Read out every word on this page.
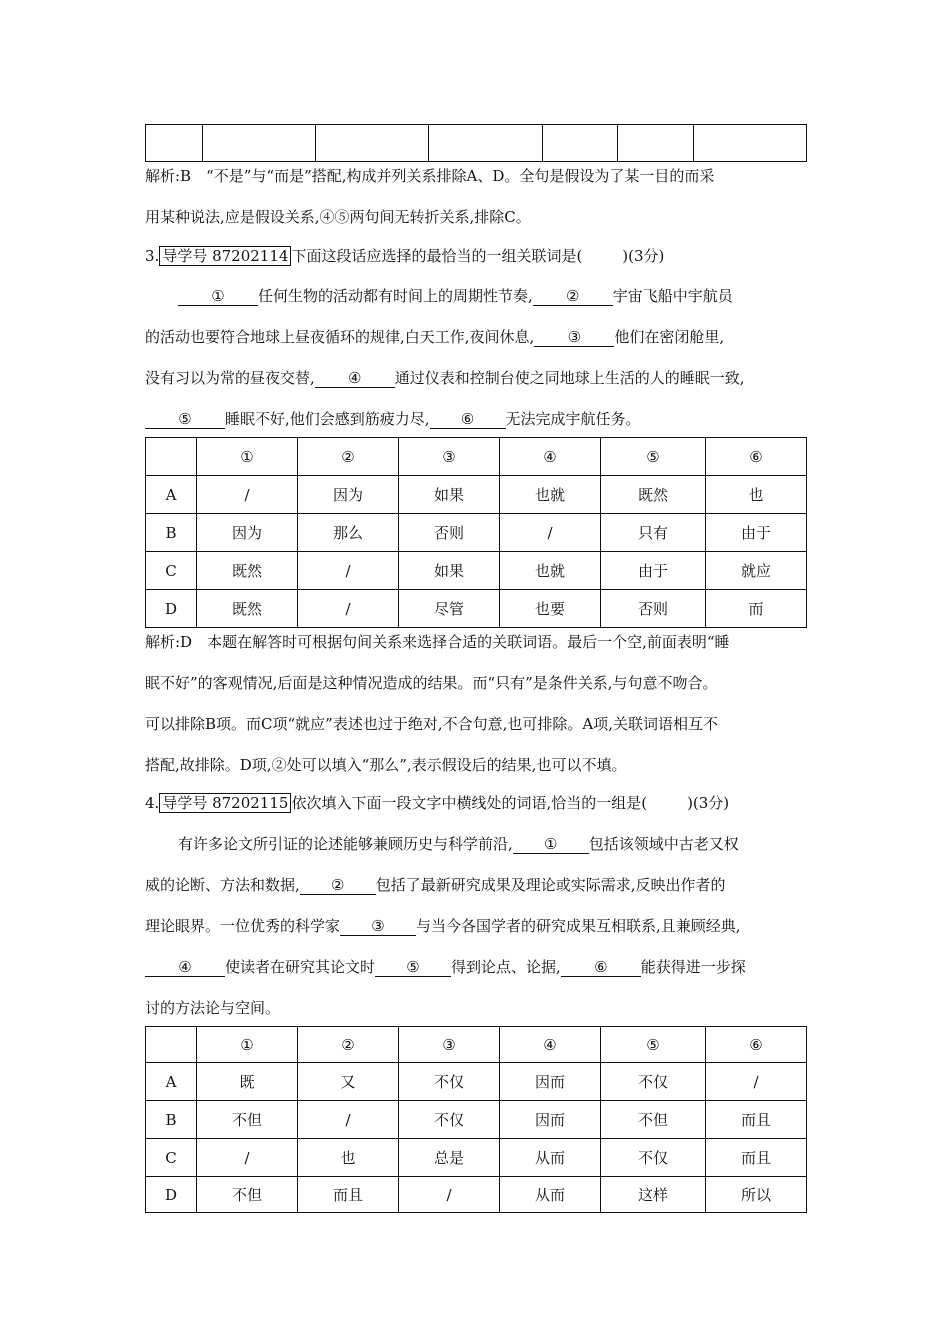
解析:B　“不是”与“而是”搭配,构成并列关系排除A、D。全句是假设为了某一目的而采
用某种说法,应是假设关系,④⑤两句间无转折关系,排除C。
3. 导学号 87202114 下面这段话应选择的最恰当的一组关联词是(	)(3分)
① 任何生物的活动都有时间上的周期性节奏, ② 宇宙飞船中宇航员
的活动也要符合地球上昼夜循环的规律,白天工作,夜间休息, ③ 他们在密闭舱里,
没有习以为常的昼夜交替, ④ 通过仪表和控制台使之同地球上生活的人的睡眠一致,
⑤ 睡眠不好,他们会感到筋疲力尽, ⑥ 无法完成宇航任务。
	①	②	③	④	⑤	⑥
A	/	因为	如果	也就	既然	也
B	因为	那么	否则	/	只有	由于
C	既然	/	如果	也就	由于	就应
D	既然	/	尽管	也要	否则	而
解析:D　本题在解答时可根据句间关系来选择合适的关联词语。最后一个空,前面表明“睡
眠不好”的客观情况,后面是这种情况造成的结果。而“只有”是条件关系,与句意不吻合。
可以排除B项。而C项“就应”表述也过于绝对,不合句意,也可排除。A项,关联词语相互不
搭配,故排除。D项,②处可以填入“那么”,表示假设后的结果,也可以不填。
4. 导学号 87202115 依次填入下面一段文字中横线处的词语,恰当的一组是(	)(3分)
有许多论文所引证的论述能够兼顾历史与科学前沿, ① 包括该领域中古老又权
威的论断、方法和数据, ② 包括了最新研究成果及理论或实际需求,反映出作者的
理论眼界。一位优秀的科学家 ③ 与当今各国学者的研究成果互相联系,且兼顾经典,
④ 使读者在研究其论文时 ⑤ 得到论点、论据, ⑥ 能获得进一步探
讨的方法论与空间。
	①	②	③	④	⑤	⑥
A	既	又	不仅	因而	不仅	/
B	不但	/	不仅	因而	不但	而且
C	/	也	总是	从而	不仅	而且
D	不但	而且	/	从而	这样	所以
